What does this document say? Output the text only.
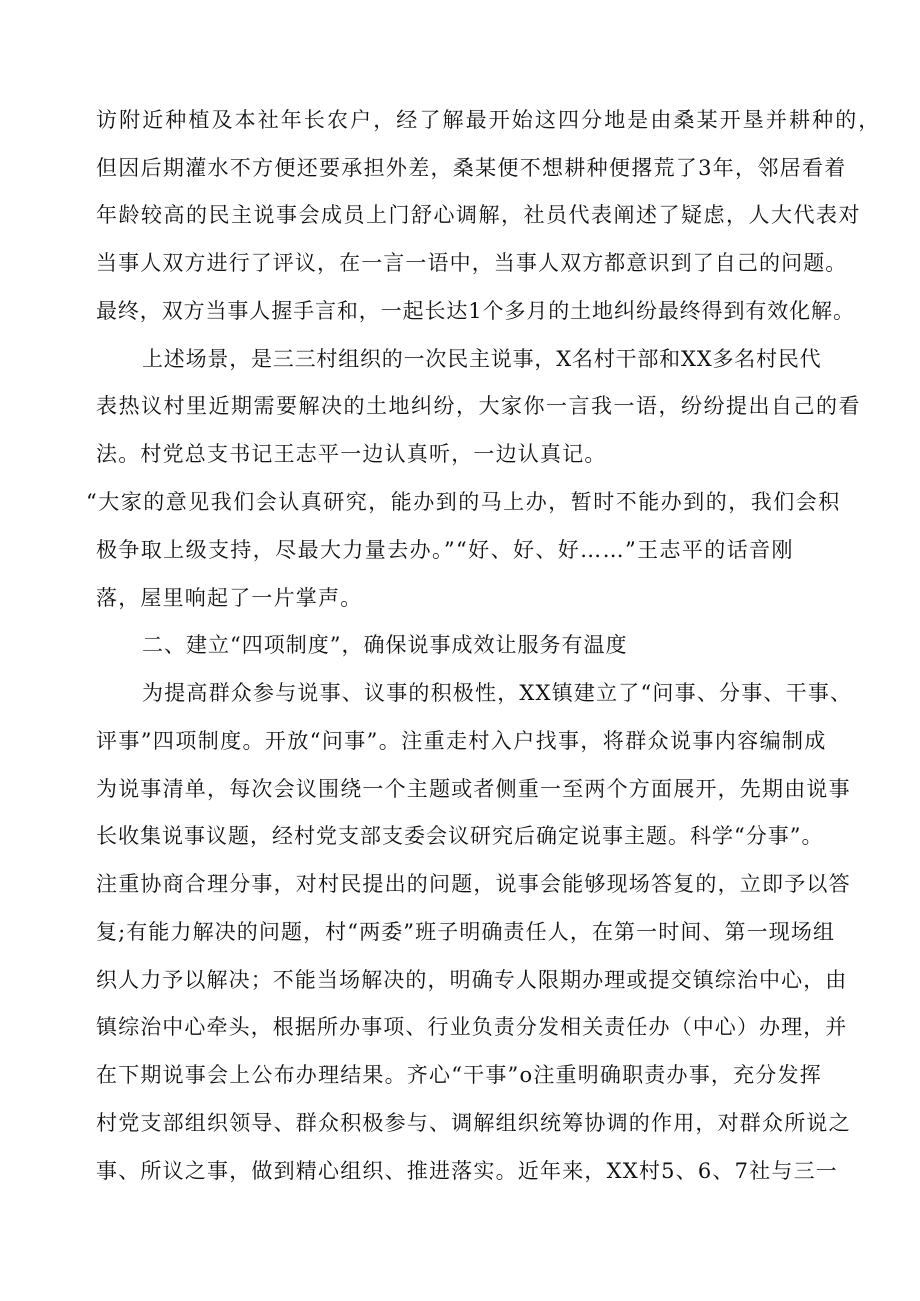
访附近种植及本社年长农户，经了解最开始这四分地是由桑某开垦并耕种的，
但因后期灌水不方便还要承担外差，桑某便不想耕种便撂荒了3年，邻居看着
年龄较高的民主说事会成员上门舒心调解，社员代表阐述了疑虑，人大代表对
当事人双方进行了评议，在一言一语中，当事人双方都意识到了自己的问题。
最终，双方当事人握手言和，一起长达1个多月的土地纠纷最终得到有效化解。
上述场景，是三三村组织的一次民主说事，X名村干部和XX多名村民代
表热议村里近期需要解决的土地纠纷，大家你一言我一语，纷纷提出自己的看
法。村党总支书记王志平一边认真听，一边认真记。
“大家的意见我们会认真研究，能办到的马上办，暂时不能办到的，我们会积
极争取上级支持，尽最大力量去办。”“好、好、好……”王志平的话音刚
落，屋里响起了一片掌声。
二、建立“四项制度”，确保说事成效让服务有温度
为提高群众参与说事、议事的积极性，XX镇建立了“问事、分事、干事、
评事”四项制度。开放“问事”。注重走村入户找事，将群众说事内容编制成
为说事清单，每次会议围绕一个主题或者侧重一至两个方面展开，先期由说事
长收集说事议题，经村党支部支委会议研究后确定说事主题。科学“分事”。
注重协商合理分事，对村民提出的问题，说事会能够现场答复的，立即予以答
复;有能力解决的问题，村“两委”班子明确责任人，在第一时间、第一现场组
织人力予以解决；不能当场解决的，明确专人限期办理或提交镇综治中心，由
镇综治中心牵头，根据所办事项、行业负责分发相关责任办（中心）办理，并
在下期说事会上公布办理结果。齐心“干事”o注重明确职责办事，充分发挥
村党支部组织领导、群众积极参与、调解组织统筹协调的作用，对群众所说之
事、所议之事，做到精心组织、推进落实。近年来，XX村5、6、7社与三一
